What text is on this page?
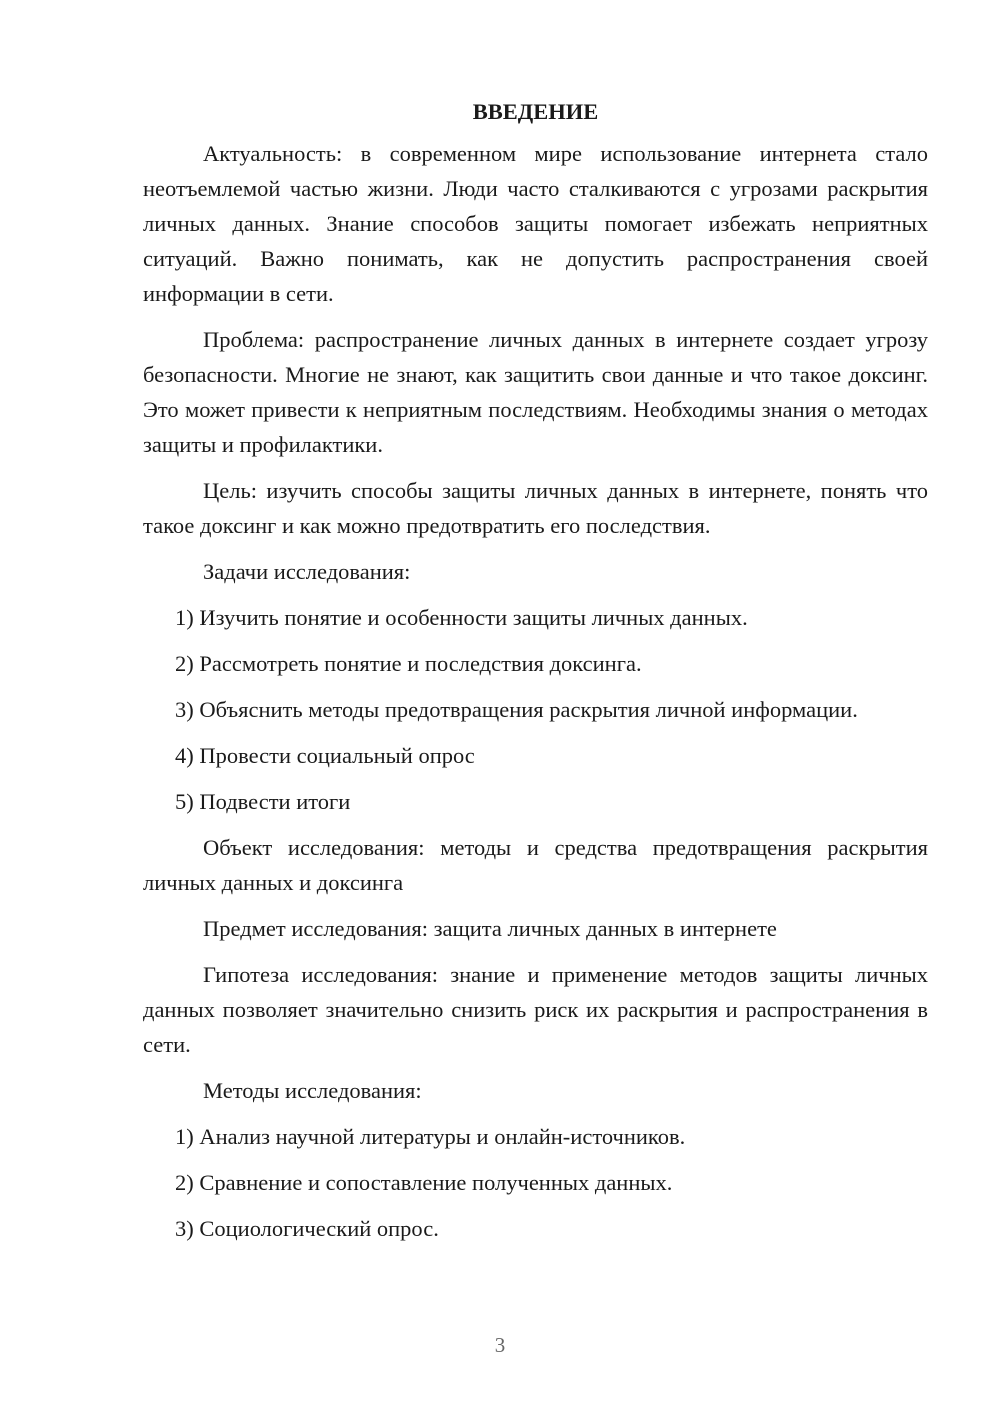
ВВЕДЕНИЕ

Актуальность: в современном мире использование интернета стало неотъемлемой частью жизни. Люди часто сталкиваются с угрозами раскрытия личных данных. Знание способов защиты помогает избежать неприятных ситуаций. Важно понимать, как не допустить распространения своей информации в сети.

Проблема: распространение личных данных в интернете создает угрозу безопасности. Многие не знают, как защитить свои данные и что такое доксинг. Это может привести к неприятным последствиям. Необходимы знания о методах защиты и профилактики.

Цель: изучить способы защиты личных данных в интернете, понять что такое доксинг и как можно предотвратить его последствия.

Задачи исследования:

1) Изучить понятие и особенности защиты личных данных.

2) Рассмотреть понятие и последствия доксинга.

3) Объяснить методы предотвращения раскрытия личной информации.

4) Провести социальный опрос

5) Подвести итоги

Объект исследования: методы и средства предотвращения раскрытия личных данных и доксинга

Предмет исследования: защита личных данных в интернете

Гипотеза исследования: знание и применение методов защиты личных данных позволяет значительно снизить риск их раскрытия и распространения в сети.

Методы исследования:

1) Анализ научной литературы и онлайн-источников.

2) Сравнение и сопоставление полученных данных.

3) Социологический опрос.

3
